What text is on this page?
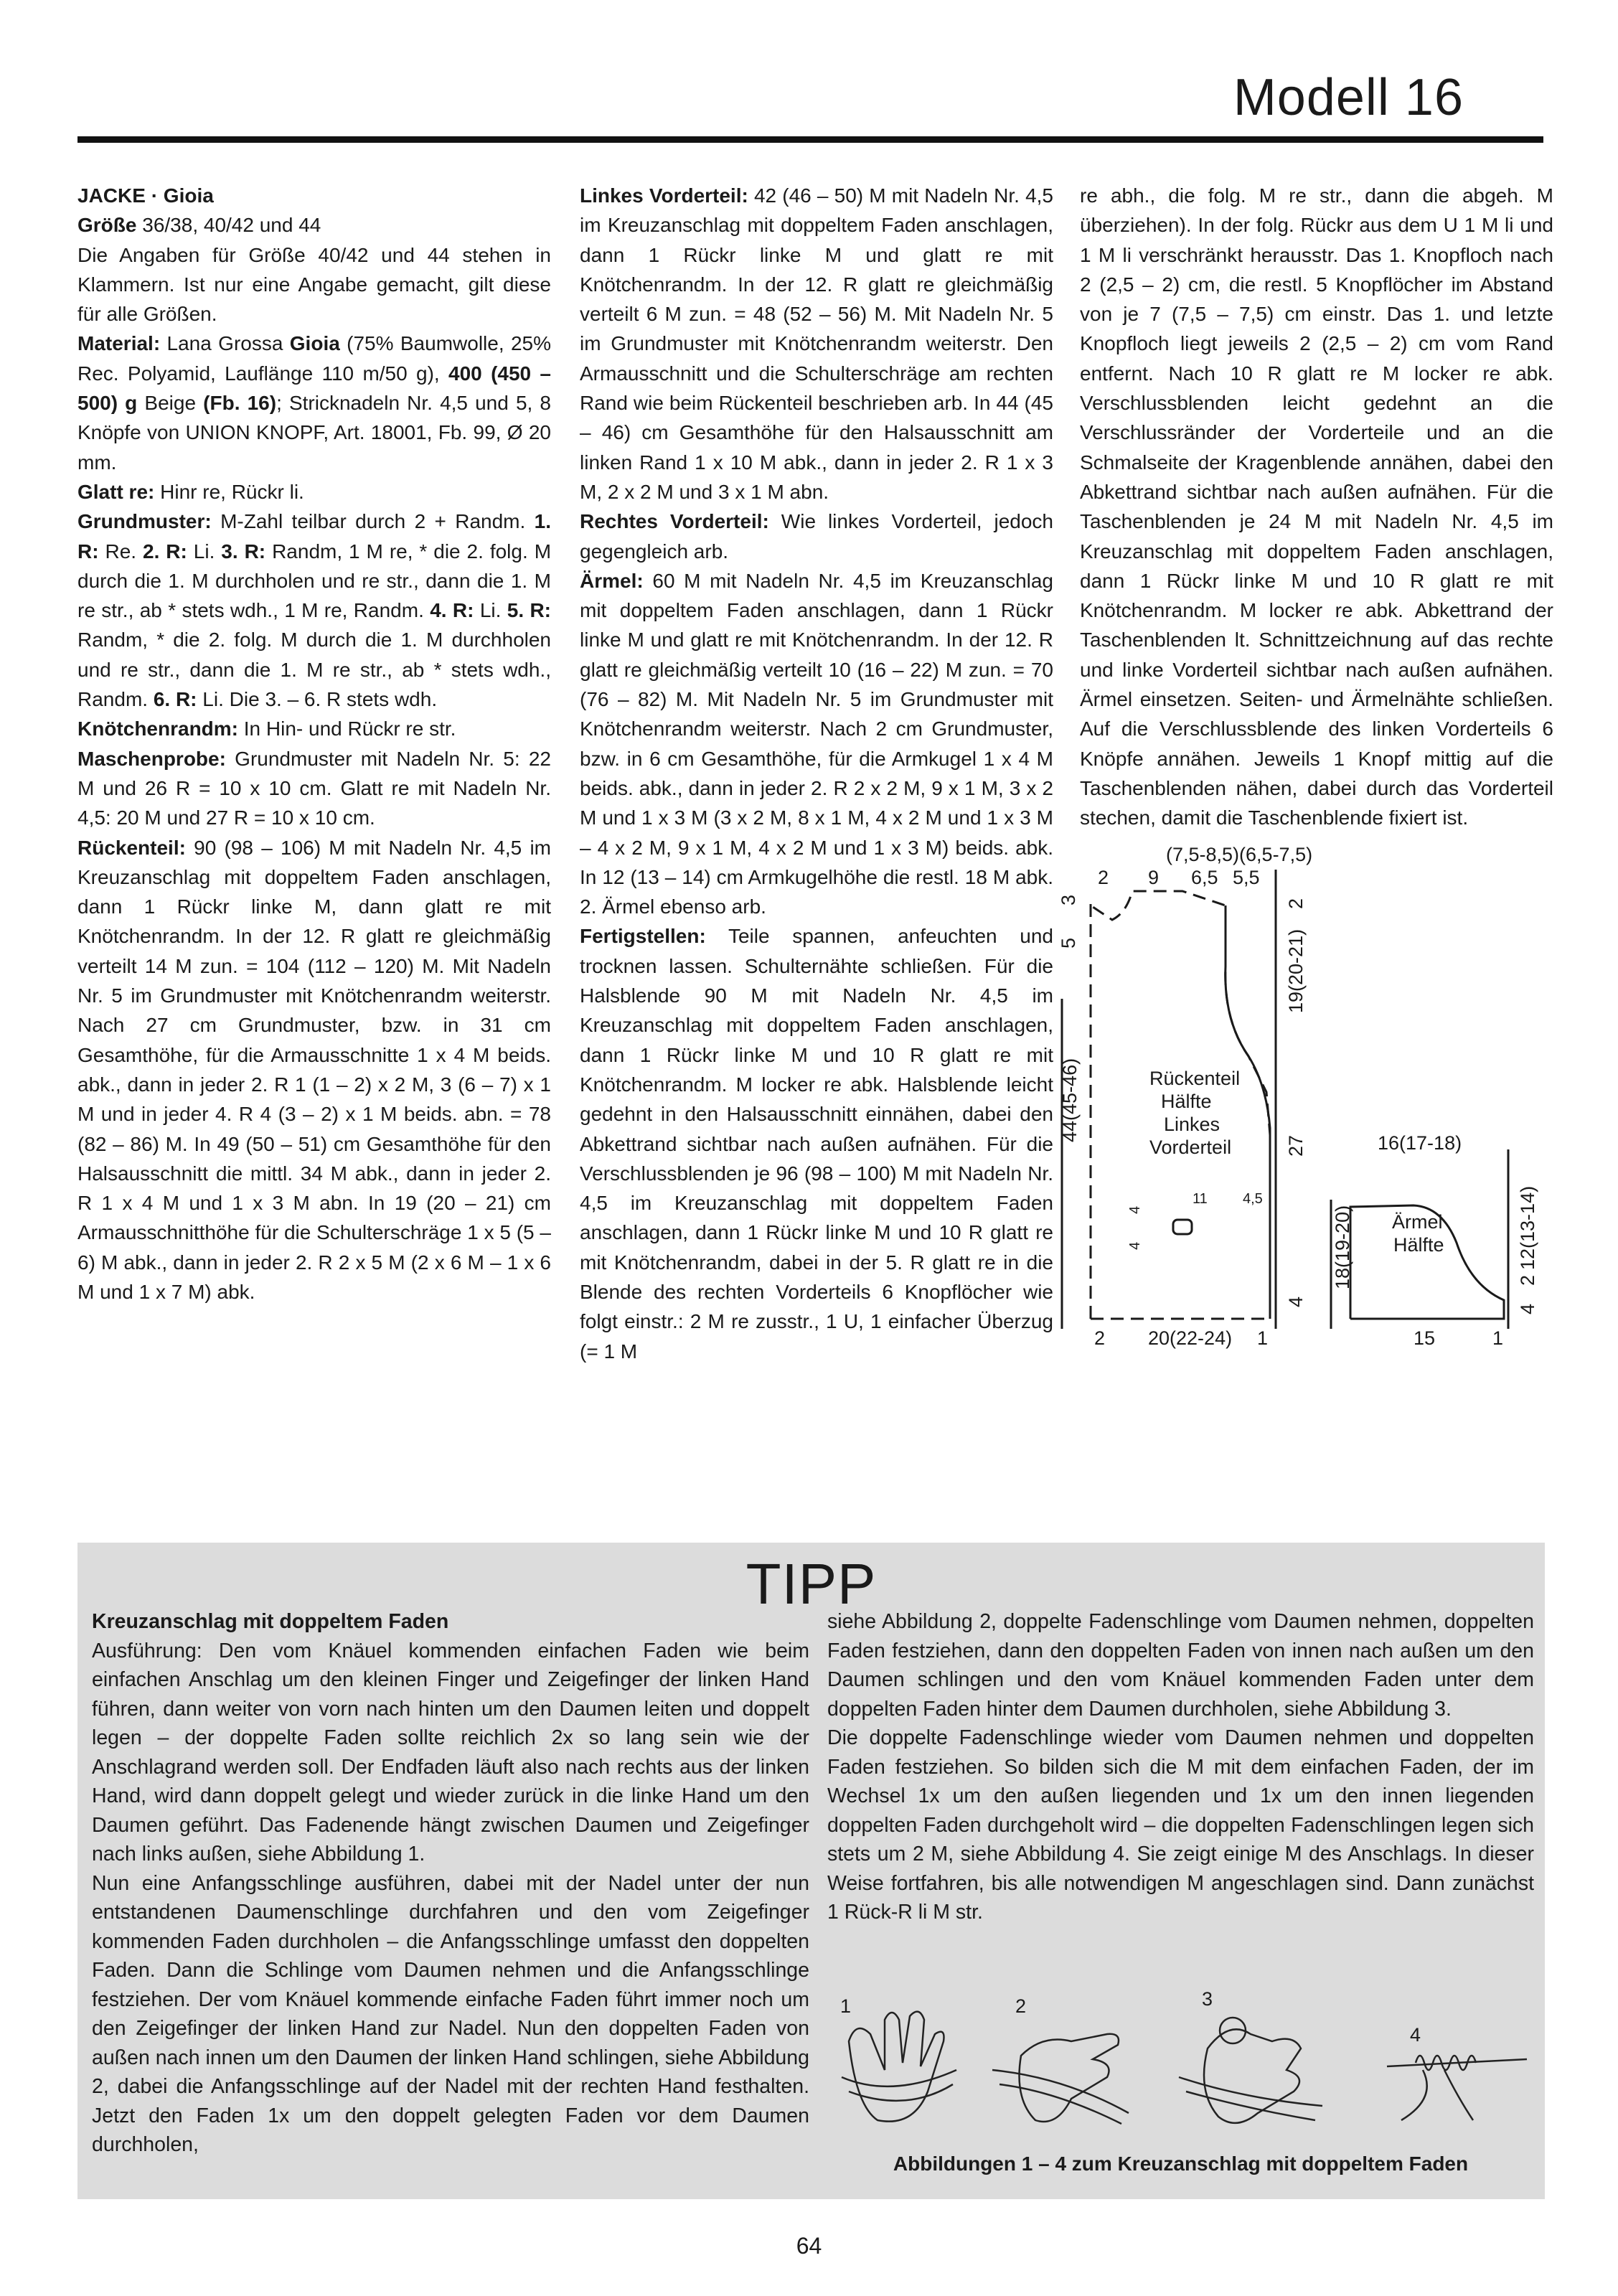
Modell 16

JACKE · Gioia

Größe 36/38, 40/42 und 44

Die Angaben für Größe 40/42 und 44 stehen in Klammern. Ist nur eine Angabe gemacht, gilt diese für alle Größen.

Material: Lana Grossa Gioia (75% Baumwolle, 25% Rec. Polyamid, Lauflänge 110 m/50 g), 400 (450 – 500) g Beige (Fb. 16); Stricknadeln Nr. 4,5 und 5, 8 Knöpfe von UNION KNOPF, Art. 18001, Fb. 99, Ø 20 mm.

Glatt re: Hinr re, Rückr li.

Grundmuster: M-Zahl teilbar durch 2 + Randm. 1. R: Re. 2. R: Li. 3. R: Randm, 1 M re, * die 2. folg. M durch die 1. M durchholen und re str., dann die 1. M re str., ab * stets wdh., 1 M re, Randm. 4. R: Li. 5. R: Randm, * die 2. folg. M durch die 1. M durchholen und re str., dann die 1. M re str., ab * stets wdh., Randm. 6. R: Li. Die 3. – 6. R stets wdh.

Knötchenrandm: In Hin- und Rückr re str.

Maschenprobe: Grundmuster mit Nadeln Nr. 5: 22 M und 26 R = 10 x 10 cm. Glatt re mit Nadeln Nr. 4,5: 20 M und 27 R = 10 x 10 cm.

Rückenteil: 90 (98 – 106) M mit Nadeln Nr. 4,5 im Kreuzanschlag mit doppeltem Faden anschlagen, dann 1 Rückr linke M, dann glatt re mit Knötchenrandm. In der 12. R glatt re gleichmäßig verteilt 14 M zun. = 104 (112 – 120) M. Mit Nadeln Nr. 5 im Grundmuster mit Knötchenrandm weiterstr. Nach 27 cm Grundmuster, bzw. in 31 cm Gesamthöhe, für die Armausschnitte 1 x 4 M beids. abk., dann in jeder 2. R 1 (1 – 2) x 2 M, 3 (6 – 7) x 1 M und in jeder 4. R 4 (3 – 2) x 1 M beids. abn. = 78 (82 – 86) M. In 49 (50 – 51) cm Gesamthöhe für den Halsausschnitt die mittl. 34 M abk., dann in jeder 2. R 1 x 4 M und 1 x 3 M abn. In 19 (20 – 21) cm Armausschnitthöhe für die Schulterschräge 1 x 5 (5 – 6) M abk., dann in jeder 2. R 2 x 5 M (2 x 6 M – 1 x 6 M und 1 x 7 M) abk.

Linkes Vorderteil: 42 (46 – 50) M mit Nadeln Nr. 4,5 im Kreuzanschlag mit doppeltem Faden anschlagen, dann 1 Rückr linke M und glatt re mit Knötchenrandm. In der 12. R glatt re gleichmäßig verteilt 6 M zun. = 48 (52 – 56) M. Mit Nadeln Nr. 5 im Grundmuster mit Knötchenrandm weiterstr. Den Armausschnitt und die Schulterschräge am rechten Rand wie beim Rückenteil beschrieben arb. In 44 (45 – 46) cm Gesamthöhe für den Halsausschnitt am linken Rand 1 x 10 M abk., dann in jeder 2. R 1 x 3 M, 2 x 2 M und 3 x 1 M abn.

Rechtes Vorderteil: Wie linkes Vorderteil, jedoch gegengleich arb.

Ärmel: 60 M mit Nadeln Nr. 4,5 im Kreuzanschlag mit doppeltem Faden anschlagen, dann 1 Rückr linke M und glatt re mit Knötchenrandm. In der 12. R glatt re gleichmäßig verteilt 10 (16 – 22) M zun. = 70 (76 – 82) M. Mit Nadeln Nr. 5 im Grundmuster mit Knötchenrandm weiterstr. Nach 2 cm Grundmuster, bzw. in 6 cm Gesamthöhe, für die Armkugel 1 x 4 M beids. abk., dann in jeder 2. R 2 x 2 M, 9 x 1 M, 3 x 2 M und 1 x 3 M (3 x 2 M, 8 x 1 M, 4 x 2 M und 1 x 3 M – 4 x 2 M, 9 x 1 M, 4 x 2 M und 1 x 3 M) beids. abk. In 12 (13 – 14) cm Armkugelhöhe die restl. 18 M abk. 2. Ärmel ebenso arb.

Fertigstellen: Teile spannen, anfeuchten und trocknen lassen. Schulternähte schließen. Für die Halsblende 90 M mit Nadeln Nr. 4,5 im Kreuzanschlag mit doppeltem Faden anschlagen, dann 1 Rückr linke M und 10 R glatt re mit Knötchenrandm. M locker re abk. Halsblende leicht gedehnt in den Halsausschnitt einnähen, dabei den Abkettrand sichtbar nach außen aufnähen. Für die Verschlussblenden je 96 (98 – 100) M mit Nadeln Nr. 4,5 im Kreuzanschlag mit doppeltem Faden anschlagen, dann 1 Rückr linke M und 10 R glatt re mit Knötchenrandm, dabei in der 5. R glatt re in die Blende des rechten Vorderteils 6 Knopflöcher wie folgt einstr.: 2 M re zusstr., 1 U, 1 einfacher Überzug (= 1 M

re abh., die folg. M re str., dann die abgeh. M überziehen). In der folg. Rückr aus dem U 1 M li und 1 M li verschränkt herausstr. Das 1. Knopfloch nach 2 (2,5 – 2) cm, die restl. 5 Knopflöcher im Abstand von je 7 (7,5 – 7,5) cm einstr. Das 1. und letzte Knopfloch liegt jeweils 2 (2,5 – 2) cm vom Rand entfernt. Nach 10 R glatt re M locker re abk. Verschlussblenden leicht gedehnt an die Verschlussränder der Vorderteile und an die Schmalseite der Kragenblende annähen, dabei den Abkettrand sichtbar nach außen aufnähen. Für die Taschenblenden je 24 M mit Nadeln Nr. 4,5 im Kreuzanschlag mit doppeltem Faden anschlagen, dann 1 Rückr linke M und 10 R glatt re mit Knötchenrandm. M locker re abk. Abkettrand der Taschenblenden lt. Schnittzeichnung auf das rechte und linke Vorderteil sichtbar nach außen aufnähen. Ärmel einsetzen. Seiten- und Ärmelnähte schließen. Auf die Verschlussblende des linken Vorderteils 6 Knöpfe annähen. Jeweils 1 Knopf mittig auf die Taschenblenden nähen, dabei durch das Vorderteil stechen, damit die Taschenblende fixiert ist.

(7,5-8,5)(6,5-7,5)
2 9 6,5 5,5
5
3
19(20-21)
2
44(45-46)
27
4
4
11 4,5
4
2 20(22-24) 1
Rückenteil
Hälfte
Linkes
Vorderteil	16(17-18)
18(19-20) Ärmel
Hälfte
4
2
12(13-14)
15	1
TIPP

Kreuzanschlag mit doppeltem Faden

Ausführung: Den vom Knäuel kommenden einfachen Faden wie beim einfachen Anschlag um den kleinen Finger und Zeigefinger der linken Hand führen, dann weiter von vorn nach hinten um den Daumen leiten und doppelt legen – der doppelte Faden sollte reichlich 2x so lang sein wie der Anschlagrand werden soll. Der Endfaden läuft also nach rechts aus der linken Hand, wird dann doppelt gelegt und wieder zurück in die linke Hand um den Daumen geführt. Das Fadenende hängt zwischen Daumen und Zeigefinger nach links außen, siehe Abbildung 1.

Nun eine Anfangsschlinge ausführen, dabei mit der Nadel unter der nun entstandenen Daumenschlinge durchfahren und den vom Zeigefinger kommenden Faden durchholen – die Anfangsschlinge umfasst den doppelten Faden. Dann die Schlinge vom Daumen nehmen und die Anfangsschlinge festziehen. Der vom Knäuel kommende einfache Faden führt immer noch um den Zeigefinger der linken Hand zur Nadel. Nun den doppelten Faden von außen nach innen um den Daumen der linken Hand schlingen, siehe Abbildung 2, dabei die Anfangsschlinge auf der Nadel mit der rechten Hand festhalten. Jetzt den Faden 1x um den doppelt gelegten Faden vor dem Daumen durchholen,

siehe Abbildung 2, doppelte Fadenschlinge vom Daumen nehmen, doppelten Faden festziehen, dann den doppelten Faden von innen nach außen um den Daumen schlingen und den vom Knäuel kommenden Faden unter dem doppelten Faden hinter dem Daumen durchholen, siehe Abbildung 3.

Die doppelte Fadenschlinge wieder vom Daumen nehmen und doppelten Faden festziehen. So bilden sich die M mit dem einfachen Faden, der im Wechsel 1x um den außen liegenden und 1x um den innen liegenden doppelten Faden durchgeholt wird – die doppelten Fadenschlingen legen sich stets um 2 M, siehe Abbildung 4. Sie zeigt einige M des Anschlags. In dieser Weise fortfahren, bis alle notwendigen M angeschlagen sind. Dann zunächst 1 Rück-R li M str.

1	2	3
4
Abbildungen 1 – 4 zum Kreuzanschlag mit doppeltem Faden
64
